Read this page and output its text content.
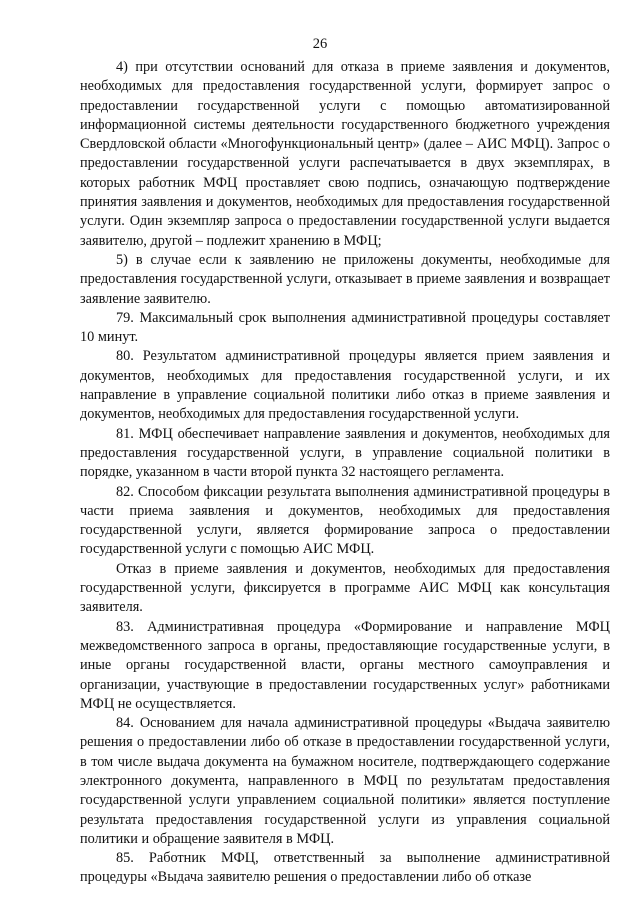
26

4) при отсутствии оснований для отказа в приеме заявления и документов, необходимых для предоставления государственной услуги, формирует запрос о предоставлении государственной услуги с помощью автоматизированной информационной системы деятельности государственного бюджетного учреждения Свердловской области «Многофункциональный центр» (далее – АИС МФЦ). Запрос о предоставлении государственной услуги распечатывается в двух экземплярах, в которых работник МФЦ проставляет свою подпись, означающую подтверждение принятия заявления и документов, необходимых для предоставления государственной услуги. Один экземпляр запроса о предоставлении государственной услуги выдается заявителю, другой – подлежит хранению в МФЦ;

5) в случае если к заявлению не приложены документы, необходимые для предоставления государственной услуги, отказывает в приеме заявления и возвращает заявление заявителю.

79. Максимальный срок выполнения административной процедуры составляет 10 минут.

80. Результатом административной процедуры является прием заявления и документов, необходимых для предоставления государственной услуги, и их направление в управление социальной политики либо отказ в приеме заявления и документов, необходимых для предоставления государственной услуги.

81. МФЦ обеспечивает направление заявления и документов, необходимых для предоставления государственной услуги, в управление социальной политики в порядке, указанном в части второй пункта 32 настоящего регламента.

82. Способом фиксации результата выполнения административной процедуры в части приема заявления и документов, необходимых для предоставления государственной услуги, является формирование запроса о предоставлении государственной услуги с помощью АИС МФЦ.

Отказ в приеме заявления и документов, необходимых для предоставления государственной услуги, фиксируется в программе АИС МФЦ как консультация заявителя.

83. Административная процедура «Формирование и направление МФЦ межведомственного запроса в органы, предоставляющие государственные услуги, в иные органы государственной власти, органы местного самоуправления и организации, участвующие в предоставлении государственных услуг» работниками МФЦ не осуществляется.

84. Основанием для начала административной процедуры «Выдача заявителю решения о предоставлении либо об отказе в предоставлении государственной услуги, в том числе выдача документа на бумажном носителе, подтверждающего содержание электронного документа, направленного в МФЦ по результатам предоставления государственной услуги управлением социальной политики» является поступление результата предоставления государственной услуги из управления социальной политики и обращение заявителя в МФЦ.

85. Работник МФЦ, ответственный за выполнение административной процедуры «Выдача заявителю решения о предоставлении либо об отказе
